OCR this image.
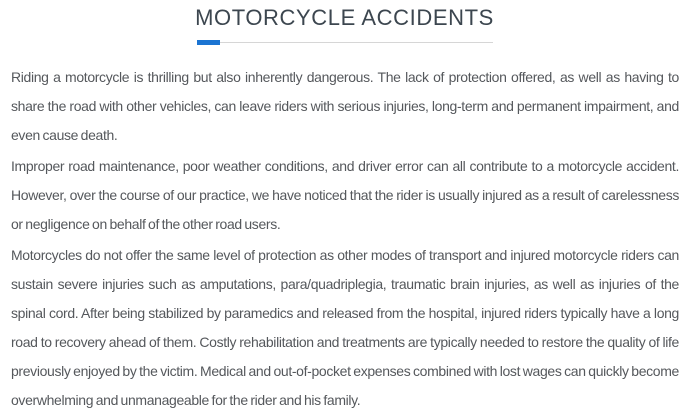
MOTORCYCLE ACCIDENTS

Riding a motorcycle is thrilling but also inherently dangerous. The lack of protection offered, as well as having to share the road with other vehicles, can leave riders with serious injuries, long-term and permanent impairment, and even cause death.

Improper road maintenance, poor weather conditions, and driver error can all contribute to a motorcycle accident. However, over the course of our practice, we have noticed that the rider is usually injured as a result of carelessness or negligence on behalf of the other road users.

Motorcycles do not offer the same level of protection as other modes of transport and injured motorcycle riders can sustain severe injuries such as amputations, para/quadriplegia, traumatic brain injuries, as well as injuries of the spinal cord. After being stabilized by paramedics and released from the hospital, injured riders typically have a long road to recovery ahead of them. Costly rehabilitation and treatments are typically needed to restore the quality of life previously enjoyed by the victim. Medical and out-of-pocket expenses combined with lost wages can quickly become overwhelming and unmanageable for the rider and his family.
